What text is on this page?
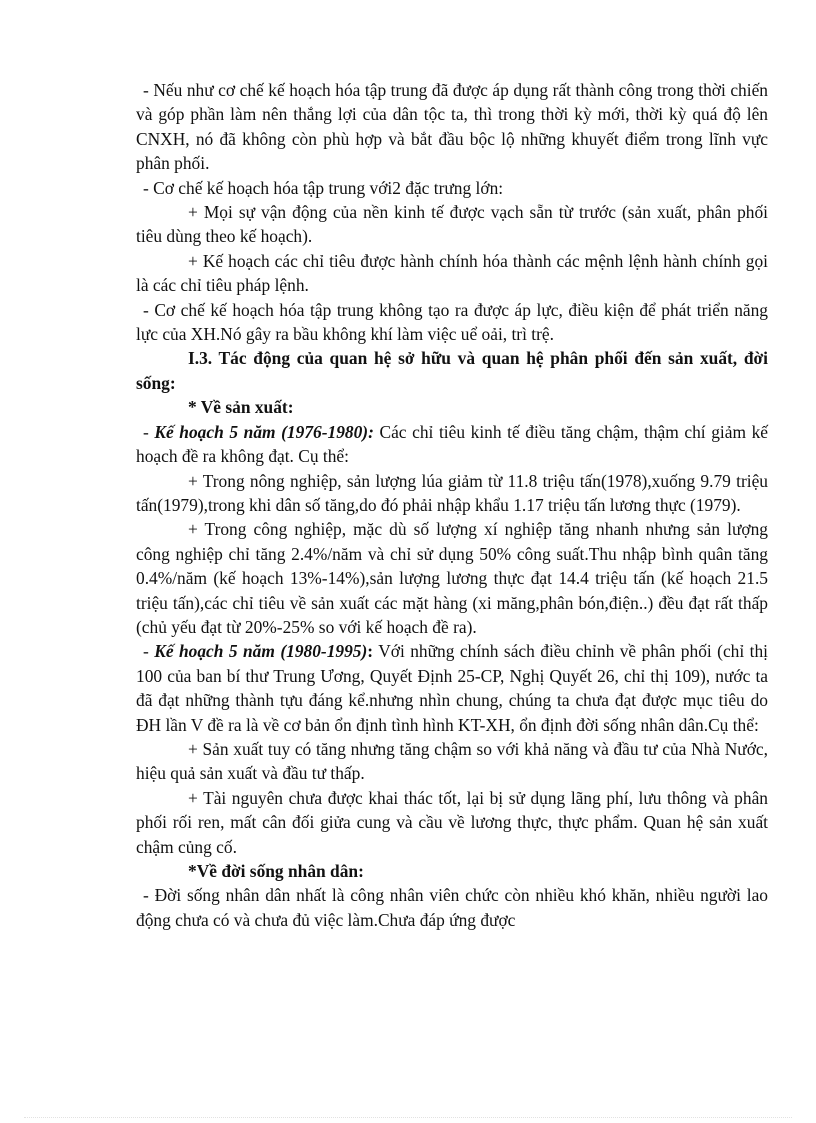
- Nếu như cơ chế kế hoạch hóa tập trung đã được áp dụng rất thành công trong thời chiến và góp phần làm nên thắng lợi của dân tộc ta, thì trong thời kỳ mới, thời kỳ quá độ lên CNXH, nó đã không còn phù hợp và bắt đầu bộc lộ những khuyết điểm trong lĩnh vực phân phối.

- Cơ chế kế hoạch hóa tập trung với2 đặc trưng lớn:

+ Mọi sự vận động của nền kinh tế được vạch sẵn từ trước (sản xuất, phân phối tiêu dùng theo kế hoạch).

+ Kế hoạch các chỉ tiêu được hành chính hóa thành các mệnh lệnh hành chính gọi là các chỉ tiêu pháp lệnh.

- Cơ chế kế hoạch hóa tập trung không tạo ra được áp lực, điều kiện để phát triển năng lực của XH.Nó gây ra bầu không khí làm việc uể oải, trì trệ.

I.3. Tác động của quan hệ sở hữu và quan hệ phân phối đến sản xuất, đời sống:

* Về sản xuất:

- Kế hoạch 5 năm (1976-1980): Các chỉ tiêu kinh tế điều tăng chậm, thậm chí giảm kế hoạch đề ra không đạt. Cụ thể:

+ Trong nông nghiệp, sản lượng lúa giảm từ 11.8 triệu tấn(1978),xuống 9.79 triệu tấn(1979),trong khi dân số tăng,do đó phải nhập khẩu 1.17 triệu tấn lương thực (1979).

+ Trong công nghiệp, mặc dù số lượng xí nghiệp tăng nhanh nhưng sản lượng công nghiệp chỉ tăng 2.4%/năm và chỉ sử dụng 50% công suất.Thu nhập bình quân tăng 0.4%/năm (kế hoạch 13%-14%),sản lượng lương thực đạt 14.4 triệu tấn (kế hoạch 21.5 triệu tấn),các chỉ tiêu về sản xuất các mặt hàng (xi măng,phân bón,điện..) đều đạt rất thấp (chủ yếu đạt từ 20%-25% so với kế hoạch đề ra).

- Kế hoạch 5 năm (1980-1995): Với những chính sách điều chỉnh về phân phối (chỉ thị 100 của ban bí thư Trung Ương, Quyết Định 25-CP, Nghị Quyết 26, chỉ thị 109), nước ta đã đạt những thành tựu đáng kể.nhưng nhìn chung, chúng ta chưa đạt được mục tiêu do ĐH lần V đề ra là về cơ bản ổn định tình hình KT-XH, ổn định đời sống nhân dân.Cụ thể:

+ Sản xuất tuy có tăng nhưng tăng chậm so với khả năng và đầu tư của Nhà Nước, hiệu quả sản xuất và đầu tư thấp.

+ Tài nguyên chưa được khai thác tốt, lại bị sử dụng lãng phí, lưu thông và phân phối rối ren, mất cân đối giửa cung và cầu về lương thực, thực phẩm. Quan hệ sản xuất chậm củng cố.

*Về đời sống nhân dân:

- Đời sống nhân dân nhất là công nhân viên chức còn nhiều khó khăn, nhiều người lao động chưa có và chưa đủ việc làm.Chưa đáp ứng được
